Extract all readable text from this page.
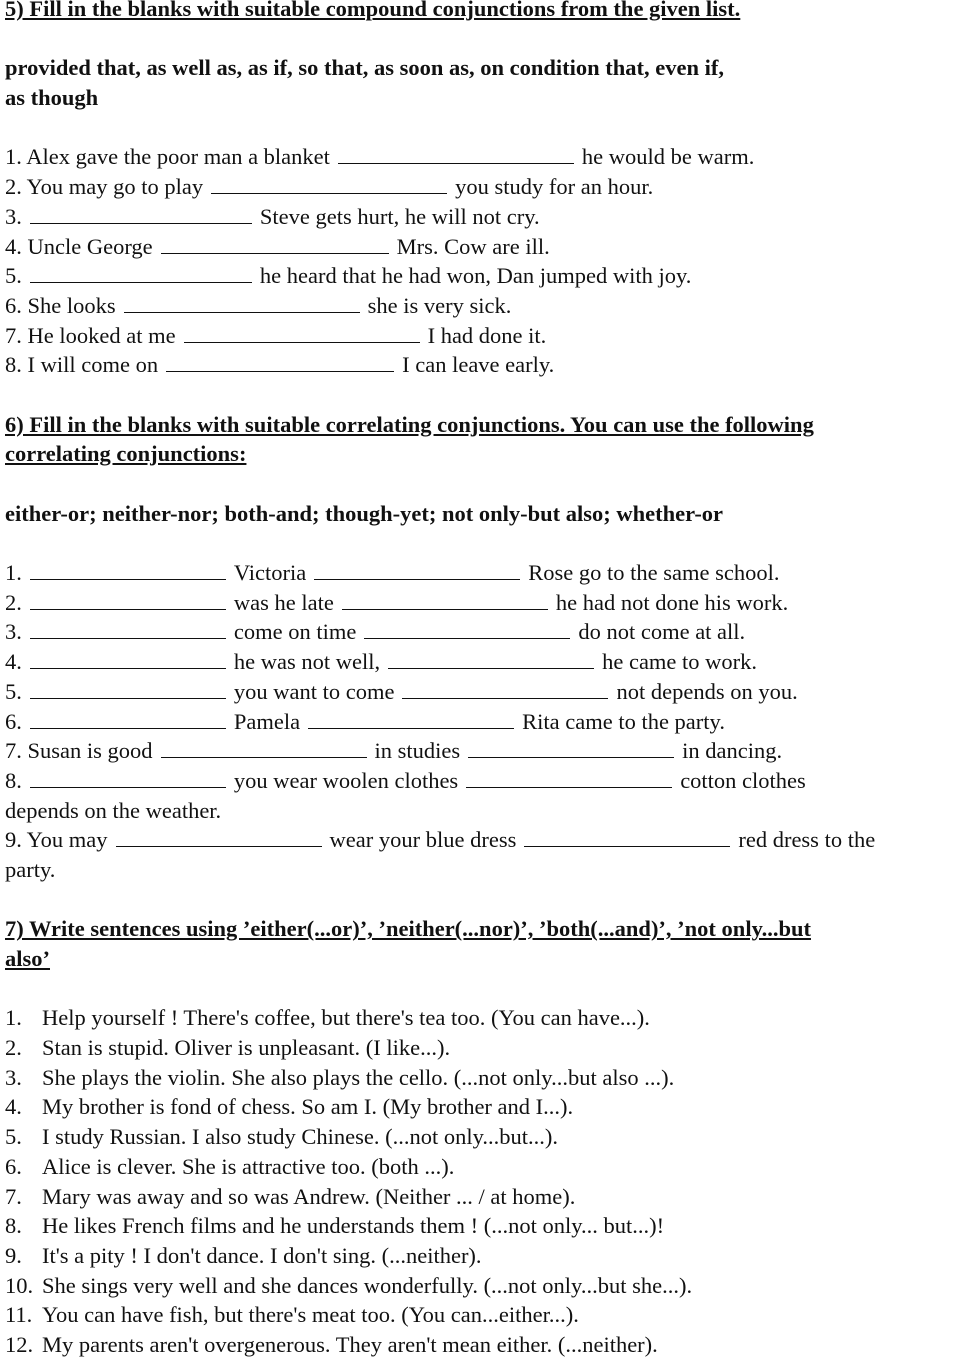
5) Fill in the blanks with suitable compound conjunctions from the given list.
provided that, as well as, as if, so that, as soon as, on condition that, even if,
as though
1. Alex gave the poor man a blanket	he would be warm.
2. You may go to play	you study for an hour.
3.	Steve gets hurt, he will not cry.
4. Uncle George	Mrs. Cow are ill.
5.	he heard that he had won, Dan jumped with joy.
6. She looks	she is very sick.
7. He looked at me	I had done it.
8. I will come on	I can leave early.
6) Fill in the blanks with suitable correlating conjunctions. You can use the following
correlating conjunctions:
either-or; neither-nor; both-and; though-yet; not only-but also; whether-or
1.	Victoria	Rose go to the same school.
2.	was he late	he had not done his work.
3.	come on time	do not come at all.
4.	he was not well,	he came to work.
5.	you want to come	not depends on you.
6.	Pamela	Rita came to the party.
7. Susan is good	in studies	in dancing.
8.	you wear woolen clothes	cotton clothes
depends on the weather.
9. You may	wear your blue dress	red dress to the
party.
7) Write sentences using ’either(...or)’, ’neither(...nor)’, ’both(...and)’, ’not only...but
also’
1. Help yourself ! There's coffee, but there's tea too. (You can have...).
2. Stan is stupid. Oliver is unpleasant. (I like...).
3. She plays the violin. She also plays the cello. (...not only...but also ...).
4. My brother is fond of chess. So am I. (My brother and I...).
5. I study Russian. I also study Chinese. (...not only...but...).
6. Alice is clever. She is attractive too. (both ...).
7. Mary was away and so was Andrew. (Neither ... / at home).
8. He likes French films and he understands them ! (...not only... but...)!
9. It's a pity ! I don't dance. I don't sing. (...neither).
10. She sings very well and she dances wonderfully. (...not only...but she...).
11. You can have fish, but there's meat too. (You can...either...).
12. My parents aren't overgenerous. They aren't mean either. (...neither).
